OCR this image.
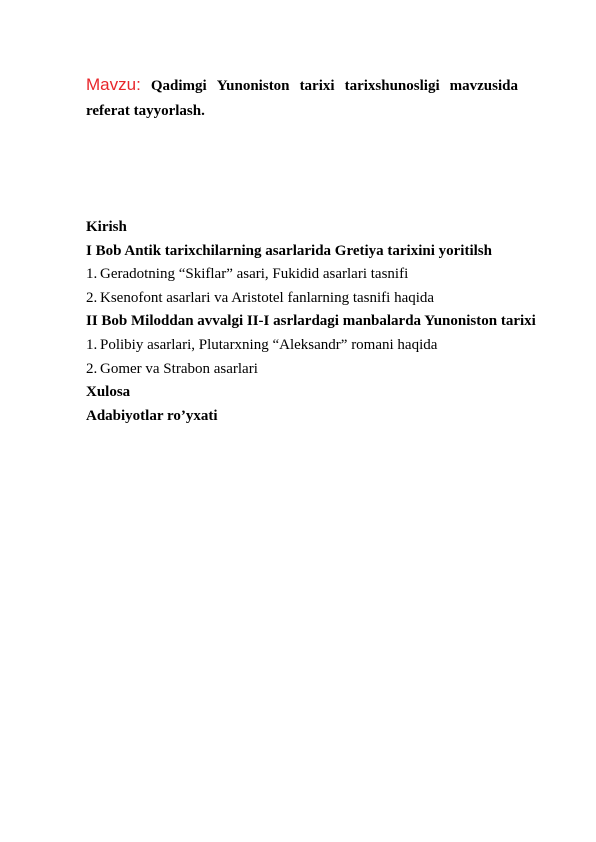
Mavzu: Qadimgi Yunoniston tarixi tarixshunosligi mavzusida
referat tayyorlash.
Kirish
I Bob Antik tarixchilarning asarlarida Gretiya tarixini yoritilsh
1. Geradotning “Skiflar” asari, Fukidid asarlari tasnifi
2. Ksenofont asarlari va Aristotel fanlarning tasnifi haqida
II Bob Miloddan avvalgi II-I asrlardagi manbalarda Yunoniston tarixi
1. Polibiy asarlari, Plutarxning “Aleksandr” romani haqida
2. Gomer va Strabon asarlari
Xulosa
Adabiyotlar ro’yxati
